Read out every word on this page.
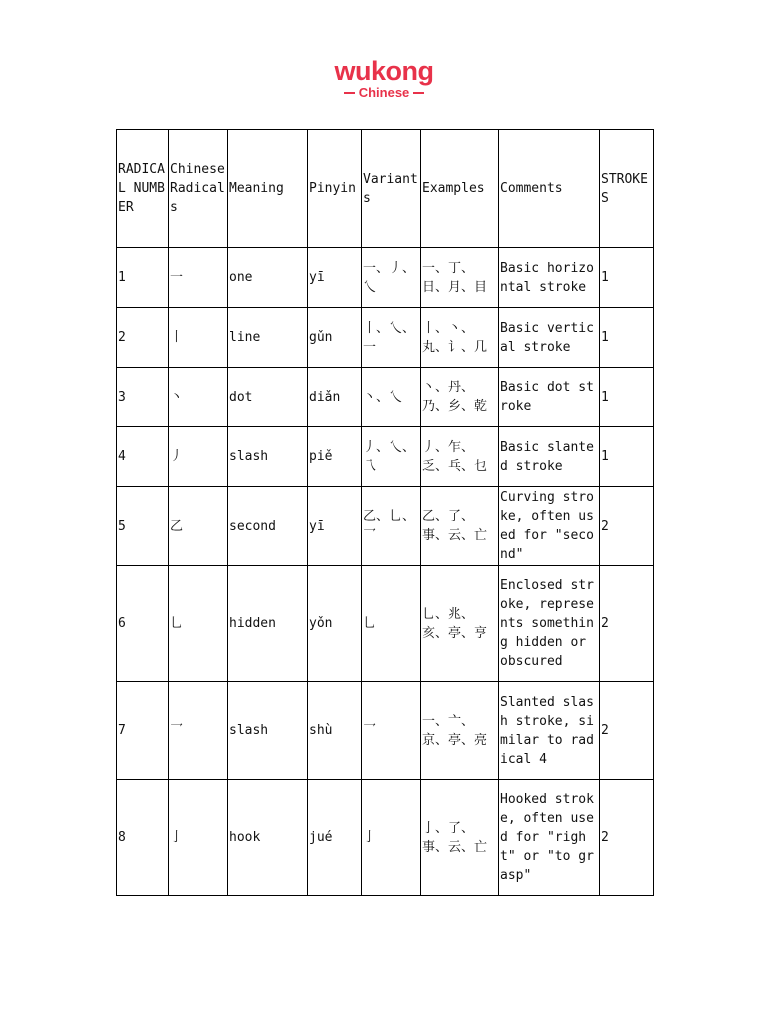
wukong
Chinese
RADICAL NUMBER	Chinese Radicals	Meaning	Pinyin	Variants	Examples	Comments	STROKES
1	一	one	yī	一、丿、乀	一、丁、日、月、目	Basic horizontal stroke	1
2	丨	line	gǔn	丨、乀、一	丨、丶、丸、讠、几	Basic vertical stroke	1
3	丶	dot	diǎn	丶、乀	丶、丹、乃、乡、乾	Basic dot stroke	1
4	丿	slash	piě	丿、乀、乁	丿、乍、乏、乓、乜	Basic slanted stroke	1
5	乙	second	yī	乙、乚、乛	乙、了、事、云、亡	Curving stroke, often used for "second"	2
6	乚	hidden	yǒn	乚	乚、兆、亥、亭、亨	Enclosed stroke, represents something hidden or obscured	2
7	乛	slash	shù	乛	一、亠、京、亭、亮	Slanted slash stroke, similar to radical 4	2
8	亅	hook	jué	亅	亅、了、事、云、亡	Hooked stroke, often used for "right" or "to grasp"	2
